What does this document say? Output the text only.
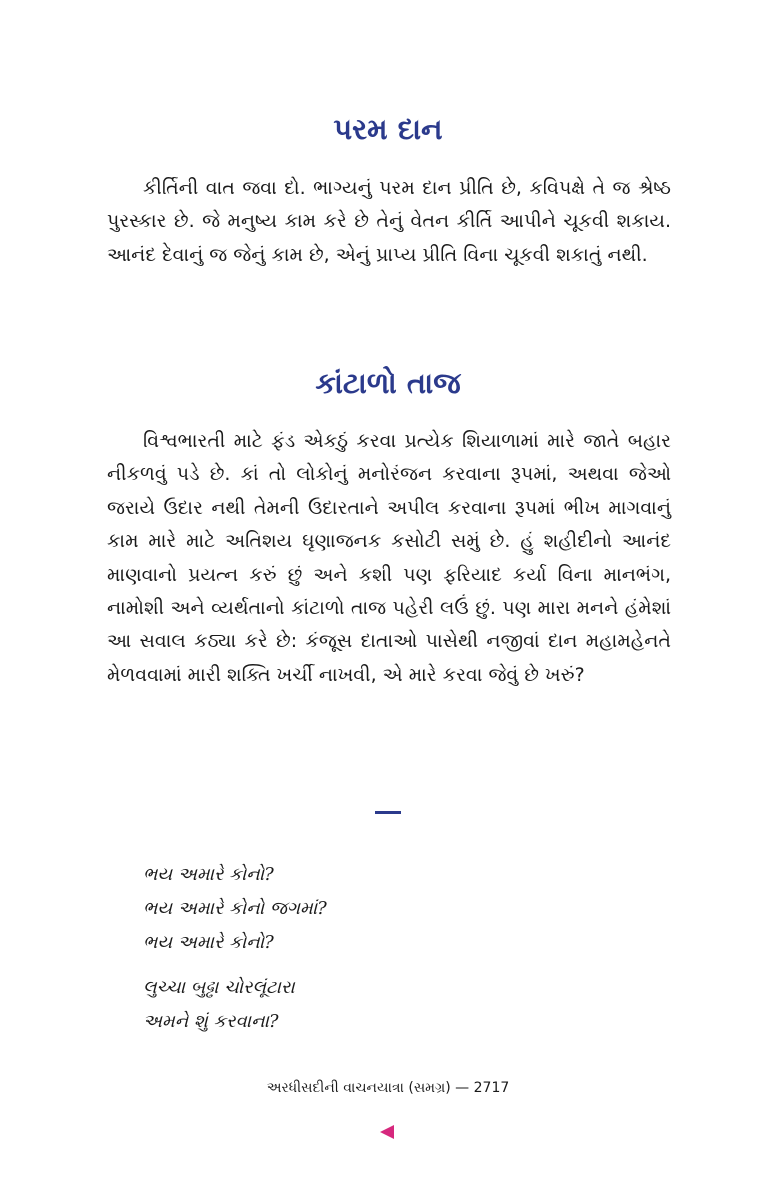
પરમ દાન

કીર્તિની વાત જવા દો. ભાગ્યનું પરમ દાન પ્રીતિ છે, કવિપક્ષે તે જ શ્રેષ્ઠ પુરસ્કાર છે. જે મનુષ્ય કામ કરે છે તેનું વેતન કીર્તિ આપીને ચૂકવી શકાય. આનંદ દેવાનું જ જેનું કામ છે, એનું પ્રાપ્ય પ્રીતિ વિના ચૂકવી શકાતું નથી.

કાંટાળો તાજ

વિશ્વભારતી માટે ફંડ એકઠું કરવા પ્રત્યેક શિયાળામાં મારે જાતે બહાર નીકળવું પડે છે. કાં તો લોકોનું મનોરંજન કરવાના રૂપમાં, અથવા જેઓ જરાયે ઉદાર નથી તેમની ઉદારતાને અપીલ કરવાના રૂપમાં ભીખ માગવાનું કામ મારે માટે અતિશય ઘૃણાજનક કસોટી સમું છે. હું શહીદીનો આનંદ માણવાનો પ્રયત્ન કરું છું અને કશી પણ ફરિયાદ કર્યા વિના માનભંગ, નામોશી અને વ્યર્થતાનો કાંટાળો તાજ પહેરી લઉં છું. પણ મારા મનને હંમેશાં આ સવાલ કઠ્યા કરે છે: કંજૂસ દાતાઓ પાસેથી નજીવાં દાન મહામહેનતે મેળવવામાં મારી શક્તિ ખર્ચી નાખવી, એ મારે કરવા જેવું છે ખરું?

ભય અમારે કોનો?
ભય અમારે કોનો જગમાં?
ભય અમારે કોનો?
લુચ્ચા બુઢ્ઢા ચોરલૂંટારા
અમને શું કરવાના?
અરધીસદીની વાચનયાત્રા (સમગ્ર) — 2717
